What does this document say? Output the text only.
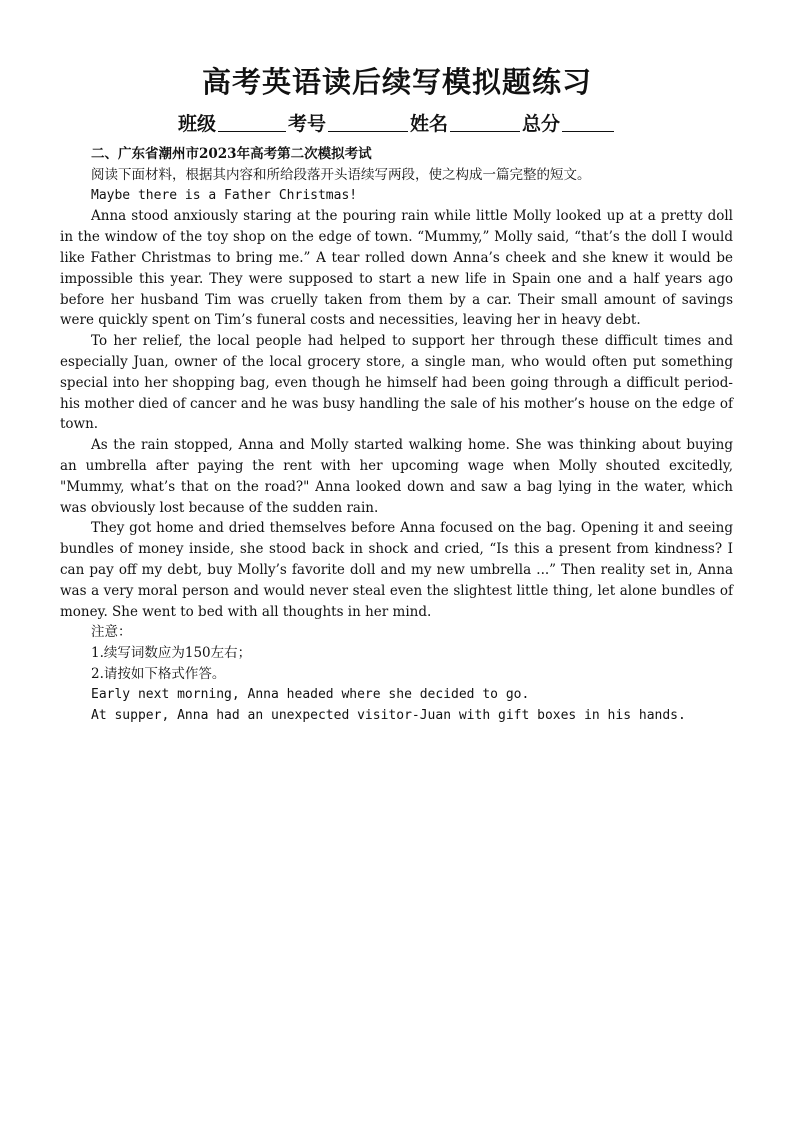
高考英语读后续写模拟题练习
班级	考号	姓名	总分

二、广东省潮州市2023年高考第二次模拟考试

阅读下面材料，根据其内容和所给段落开头语续写两段，使之构成一篇完整的短文。

Maybe there is a Father Christmas!

Anna stood anxiously staring at the pouring rain while little Molly looked up at a pretty doll in the window of the toy shop on the edge of town. “Mummy,” Molly said, “that’s the doll I would like Father Christmas to bring me.” A tear rolled down Anna’s cheek and she knew it would be impossible this year. They were supposed to start a new life in Spain one and a half years ago before her husband Tim was cruelly taken from them by a car. Their small amount of savings were quickly spent on Tim’s funeral costs and necessities, leaving her in heavy debt.

To her relief, the local people had helped to support her through these difficult times and especially Juan, owner of the local grocery store, a single man, who would often put something special into her shopping bag, even though he himself had been going through a difficult period-his mother died of cancer and he was busy handling the sale of his mother’s house on the edge of town.

As the rain stopped, Anna and Molly started walking home. She was thinking about buying an umbrella after paying the rent with her upcoming wage when Molly shouted excitedly, "Mummy, what’s that on the road?" Anna looked down and saw a bag lying in the water, which was obviously lost because of the sudden rain.

They got home and dried themselves before Anna focused on the bag. Opening it and seeing bundles of money inside, she stood back in shock and cried, “Is this a present from kindness? I can pay off my debt, buy Molly’s favorite doll and my new umbrella ...” Then reality set in, Anna was a very moral person and would never steal even the slightest little thing, let alone bundles of money. She went to bed with all thoughts in her mind.

注意：

1.续写词数应为150左右；

2.请按如下格式作答。

Early next morning, Anna headed where she decided to go.

At supper, Anna had an unexpected visitor-Juan with gift boxes in his hands.
